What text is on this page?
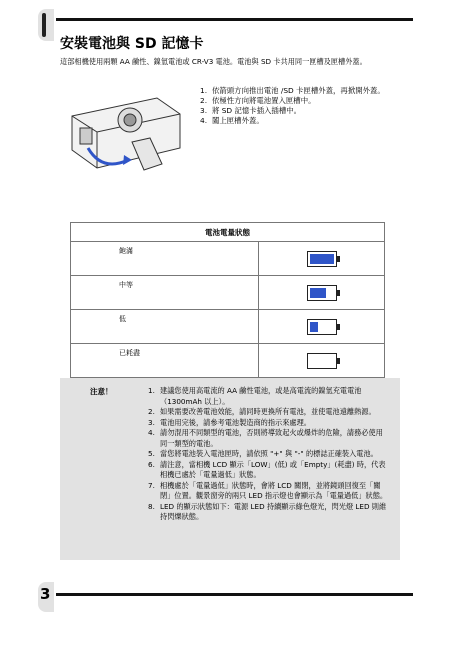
安裝電池與 SD 記憶卡

這部相機使用兩顆 AA 鹼性、鎳氫電池或 CR-V3 電池。電池與 SD 卡共用同一匣槽及匣槽外蓋。

1. 依箭頭方向推出電池 /SD 卡匣槽外蓋，再掀開外蓋。
2. 依極性方向將電池置入匣槽中。
3. 將 SD 記憶卡插入插槽中。
4. 闔上匣槽外蓋。
電池電量狀態	
飽滿	

中等	

低	

已耗盡	
注意！	1. 建議您使用高電流的 AA 鹼性電池，或是高電流的鎳氫充電電池（1300mAh 以上）。
2. 如果需要改善電池效能，請同時更換所有電池，並使電池遠離熱源。
3. 電池用完後，請參考電池製造商的指示來處理。
4. 請勿混用不同類型的電池，否則將導致起火或爆炸的危險，請務必使用同一類型的電池。
5. 當您將電池裝入電池匣時，請依照 "+" 與 "-" 的標誌正確裝入電池。
6. 請注意，當相機 LCD 顯示「LOW」(低) 或「Empty」(耗盡) 時，代表相機已處於「電量過低」狀態。
7. 相機處於「電量過低」狀態時，會將 LCD 關閉，並將鏡頭回復至「關閉」位置。觀景窗旁的兩只 LED 指示燈也會顯示為「電量過低」狀態。
8. LED 的顯示狀態如下：電源 LED 持續顯示綠色燈光，閃光燈 LED 則維持閃爍狀態。
3
